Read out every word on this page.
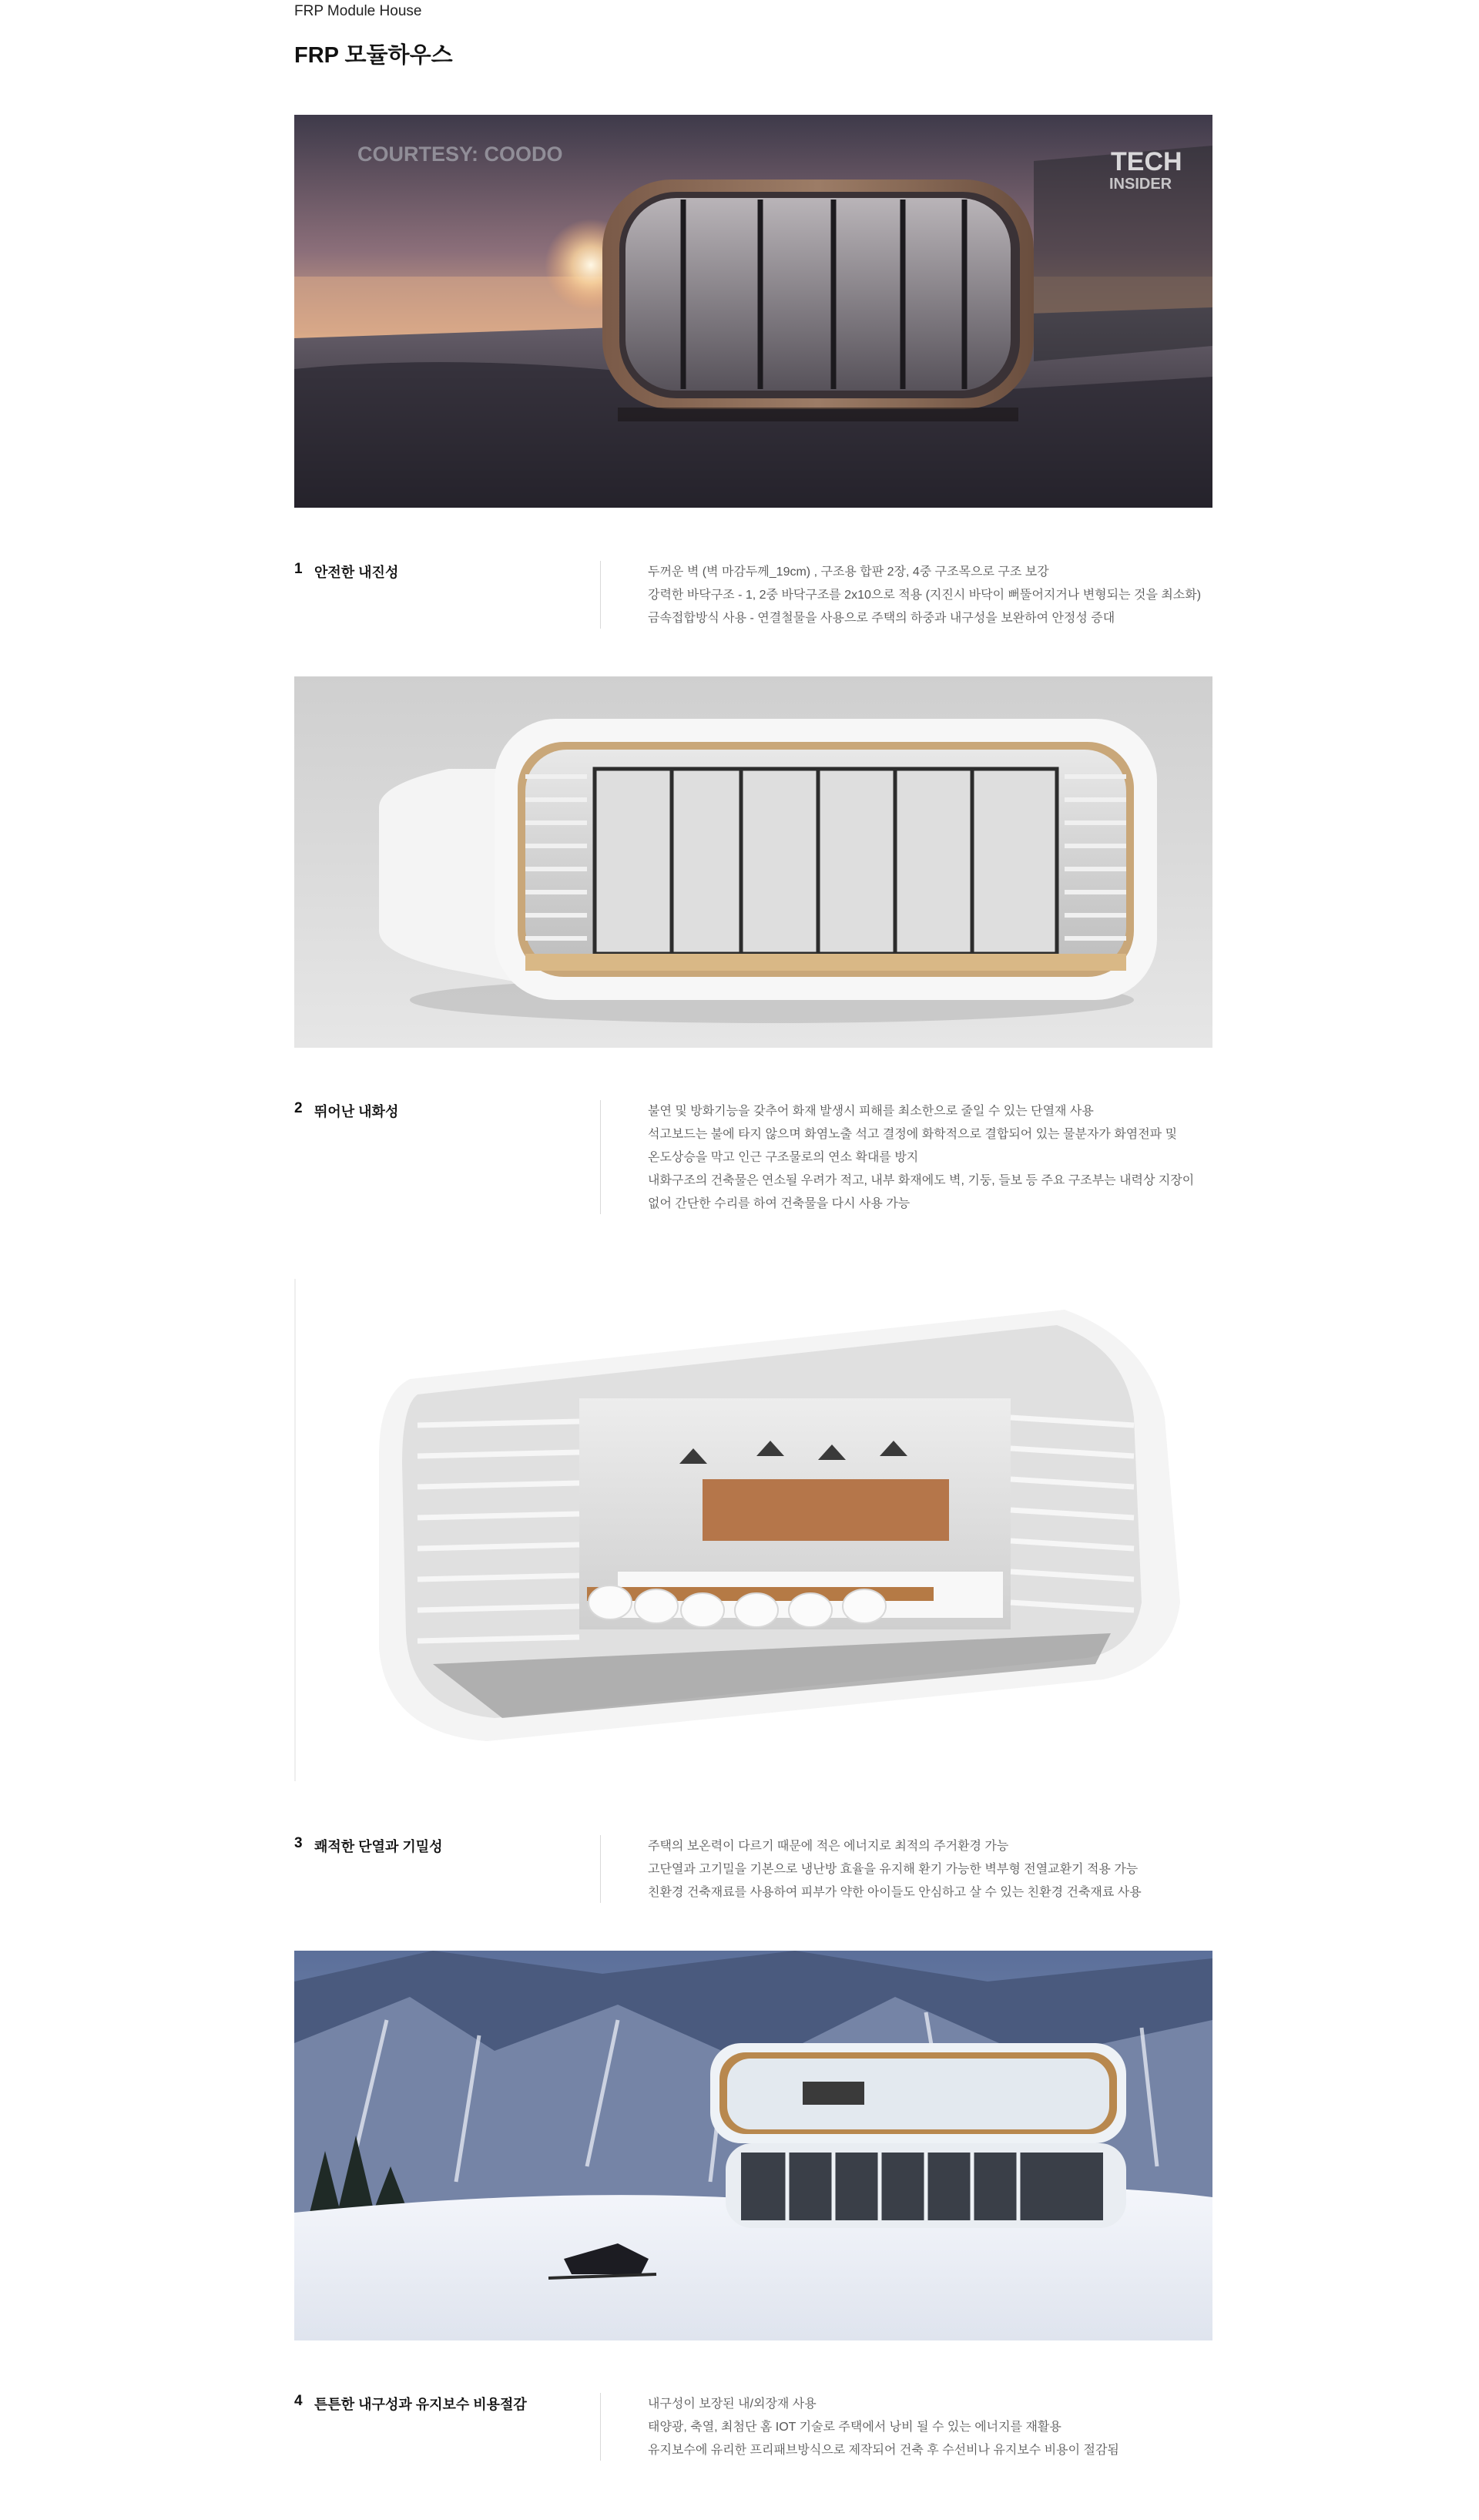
FRP Module House
FRP 모듈하우스
COURTESY: COODO	TECH
INSIDER
1 안전한 내진성	두꺼운 벽 (벽 마감두께_19cm) , 구조용 합판 2장, 4중 구조목으로 구조 보강
강력한 바닥구조 - 1, 2중 바닥구조를 2x10으로 적용 (지진시 바닥이 뻐뚤어지거나 변형되는 것을 최소화)
금속접합방식 사용 - 연결철물을 사용으로 주택의 하중과 내구성을 보완하여 안정성 증대
2 뛰어난 내화성	불연 및 방화기능을 갖추어 화재 발생시 피해를 최소한으로 줄일 수 있는 단열재 사용
석고보드는 불에 타지 않으며 화염노출 석고 결정에 화학적으로 결합되어 있는 물분자가 화염전파 및
온도상승을 막고 인근 구조물로의 연소 확대를 방지
내화구조의 건축물은 연소될 우려가 적고, 내부 화재에도 벽, 기둥, 들보 등 주요 구조부는 내력상 지장이
없어 간단한 수리를 하여 건축물을 다시 사용 가능
3 쾌적한 단열과 기밀성	주택의 보온력이 다르기 때문에 적은 에너지로 최적의 주거환경 가능
고단열과 고기밀을 기본으로 냉난방 효율을 유지해 환기 가능한 벽부형 전열교환기 적용 가능
친환경 건축재료를 사용하여 피부가 약한 아이들도 안심하고 살 수 있는 친환경 건축재료 사용
4 튼튼한 내구성과 유지보수 비용절감	내구성이 보장된 내/외장재 사용
태양광, 축열, 최첨단 홈 IOT 기술로 주택에서 낭비 될 수 있는 에너지를 재활용
유지보수에 유리한 프리패브방식으로 제작되어 건축 후 수선비나 유지보수 비용이 절감됨
